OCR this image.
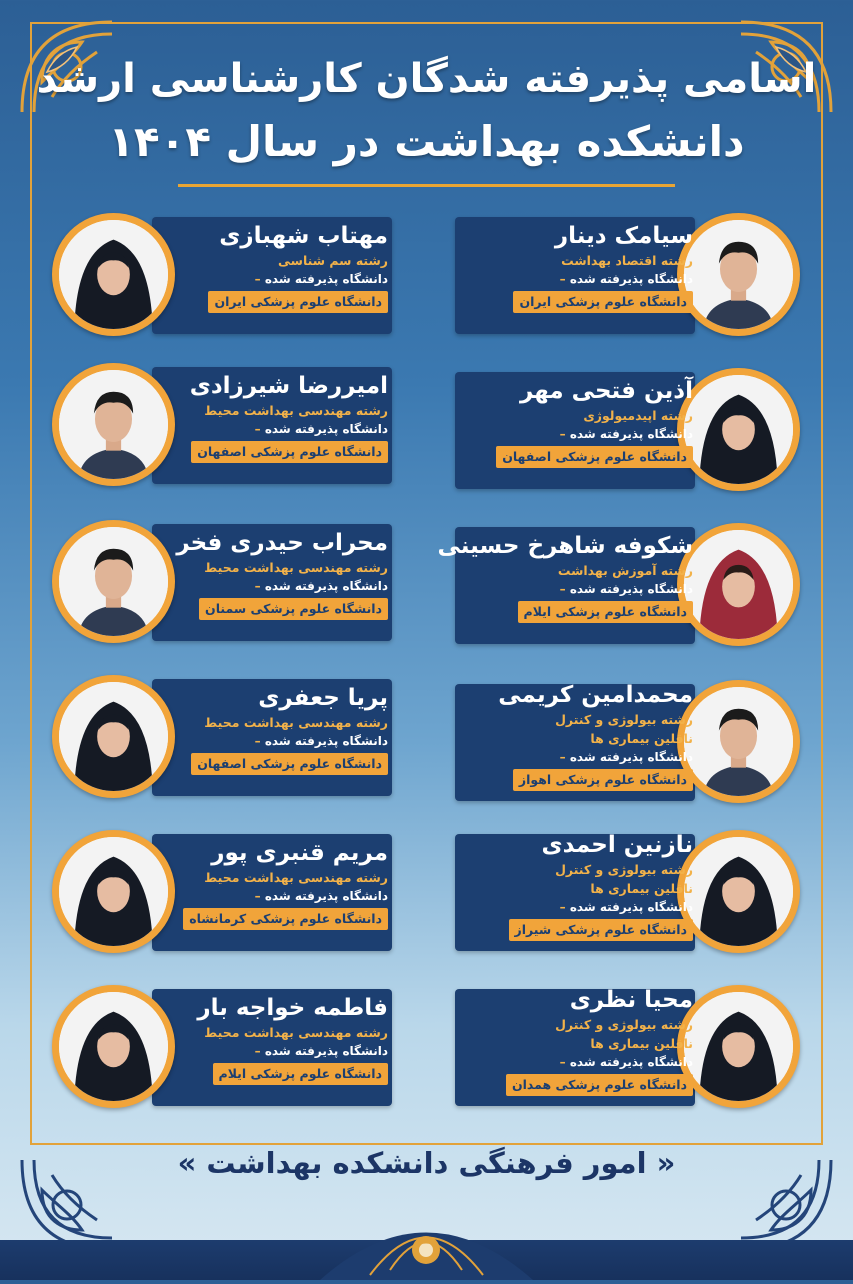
اسامی پذیرفته شدگان کارشناسی ارشد
دانشکده بهداشت در سال ۱۴۰۴
سیامک دینار
رشته اقتصاد بهداشت
دانشگاه پذیرفته شده –
دانشگاه علوم پزشکی ایران
مهتاب شهبازی
رشته سم شناسی
دانشگاه پذیرفته شده –
دانشگاه علوم پزشکی ایران
آذین فتحی مهر
رشته اپیدمیولوژی
دانشگاه پذیرفته شده –
دانشگاه علوم پزشکی اصفهان
امیررضا شیرزادی
رشته مهندسی بهداشت محیط
دانشگاه پذیرفته شده –
دانشگاه علوم پزشکی اصفهان
شکوفه شاهرخ حسینی
رشته آموزش بهداشت
دانشگاه پذیرفته شده –
دانشگاه علوم پزشکی ایلام
محراب حیدری فخر
رشته مهندسی بهداشت محیط
دانشگاه پذیرفته شده –
دانشگاه علوم پزشکی سمنان
محمدامین کریمی
رشته بیولوژی و کنترل
ناقلین بیماری ها
دانشگاه پذیرفته شده –
دانشگاه علوم پزشکی اهواز
پریا جعفری
رشته مهندسی بهداشت محیط
دانشگاه پذیرفته شده –
دانشگاه علوم پزشکی اصفهان
نازنین احمدی
رشته بیولوژی و کنترل
ناقلین بیماری ها
دانشگاه پذیرفته شده –
دانشگاه علوم پزشکی شیراز
مریم قنبری پور
رشته مهندسی بهداشت محیط
دانشگاه پذیرفته شده –
دانشگاه علوم پزشکی کرمانشاه
محیا نظری
رشته بیولوژی و کنترل
ناقلین بیماری ها
دانشگاه پذیرفته شده –
دانشگاه علوم پزشکی همدان
فاطمه خواجه بار
رشته مهندسی بهداشت محیط
دانشگاه پذیرفته شده –
دانشگاه علوم پزشکی ایلام
« امور فرهنگی دانشکده بهداشت »
